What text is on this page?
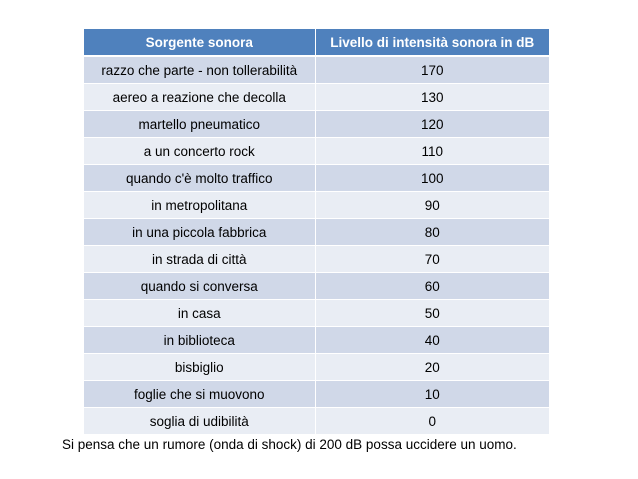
Sorgente sonora	Livello di intensità sonora in dB
razzo che parte - non tollerabilità	170
aereo a reazione che decolla	130
martello pneumatico	120
a un concerto rock	110
quando c'è molto traffico	100
in metropolitana	90
in una piccola fabbrica	80
in strada di città	70
quando si conversa	60
in casa	50
in biblioteca	40
bisbiglio	20
foglie che si muovono	10
soglia di udibilità	0
Si pensa che un rumore (onda di shock) di 200 dB possa uccidere un uomo.
